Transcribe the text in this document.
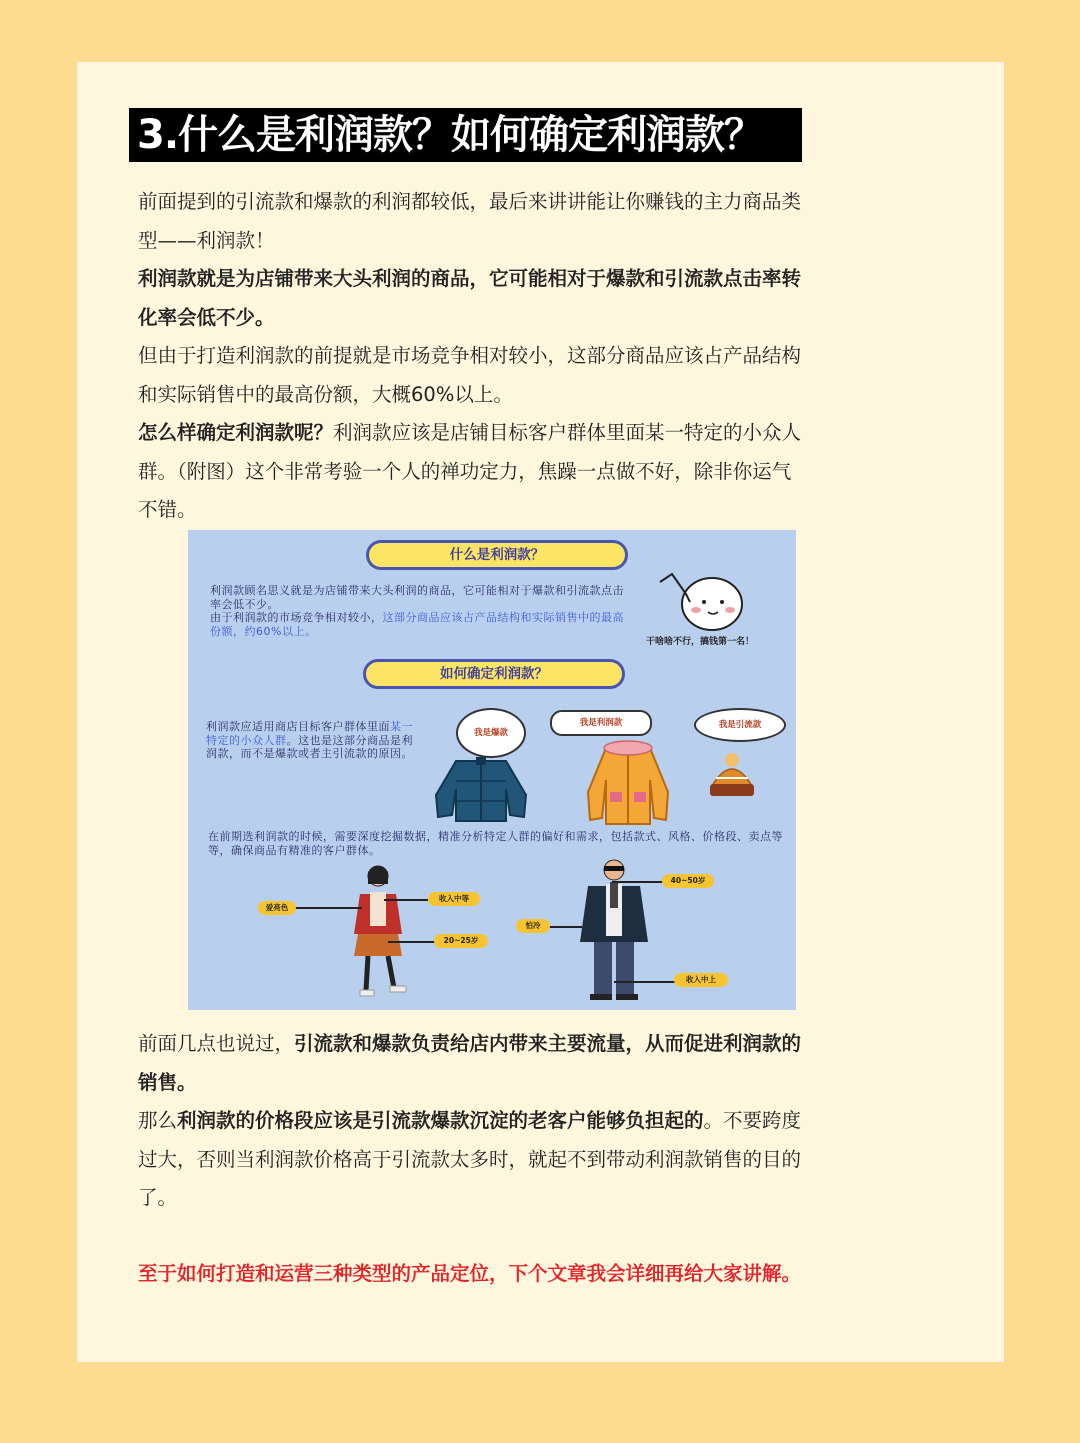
3.什么是利润款？如何确定利润款？

前面提到的引流款和爆款的利润都较低，最后来讲讲能让你赚钱的主力商品类型——利润款！

利润款就是为店铺带来大头利润的商品，它可能相对于爆款和引流款点击率转化率会低不少。

但由于打造利润款的前提就是市场竞争相对较小，这部分商品应该占产品结构和实际销售中的最高份额，大概60%以上。

怎么样确定利润款呢？利润款应该是店铺目标客户群体里面某一特定的小众人群。（附图）这个非常考验一个人的禅功定力，焦躁一点做不好，除非你运气不错。

什么是利润款？
利润款顾名思义就是为店铺带来大头利润的商品，它可能相对于爆款和引流款点击率会低不少。
由于利润款的市场竞争相对较小，这部分商品应该占产品结构和实际销售中的最高份额，约60%以上。
干啥啥不行，搞钱第一名！
如何确定利润款？
利润款应适用商店目标客户群体里面某一特定的小众人群。这也是这部分商品是利润款，而不是爆款或者主引流款的原因。
我是爆款
我是利润款	我是引流款
在前期选利润款的时候，需要深度挖掘数据，精准分析特定人群的偏好和需求，包括款式、风格、价格段、卖点等等，确保商品有精准的客户群体。
爱亮色
收入中等
20~25岁
40~50岁
怕冷
收入中上

前面几点也说过，引流款和爆款负责给店内带来主要流量，从而促进利润款的销售。

那么利润款的价格段应该是引流款爆款沉淀的老客户能够负担起的。不要跨度过大，否则当利润款价格高于引流款太多时，就起不到带动利润款销售的目的了。

至于如何打造和运营三种类型的产品定位，下个文章我会详细再给大家讲解。
